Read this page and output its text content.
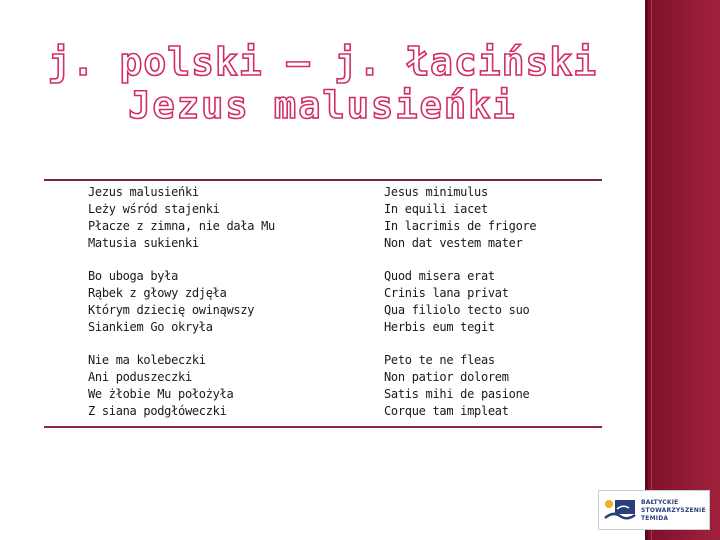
j. polski – j. łaciński
Jezus malusieńki
Jezus malusieńki
Leży wśród stajenki
Płacze z zimna, nie dała Mu
Matusia sukienki
Jesus minimulus
In equili iacet
In lacrimis de frigore
Non dat vestem mater
Bo uboga była
Rąbek z głowy zdjęła
Którym dziecię owinąwszy
Siankiem Go okryła
Quod misera erat
Crinis lana privat
Qua filiolo tecto suo
Herbis eum tegit
Nie ma kolebeczki
Ani poduszeczki
We żłobie Mu położyła
Z siana podgłóweczki
Peto te ne fleas
Non patior dolorem
Satis mihi de pasione
Corque tam impleat
BAŁTYCKIE
STOWARZYSZENIE
TEMIDA
